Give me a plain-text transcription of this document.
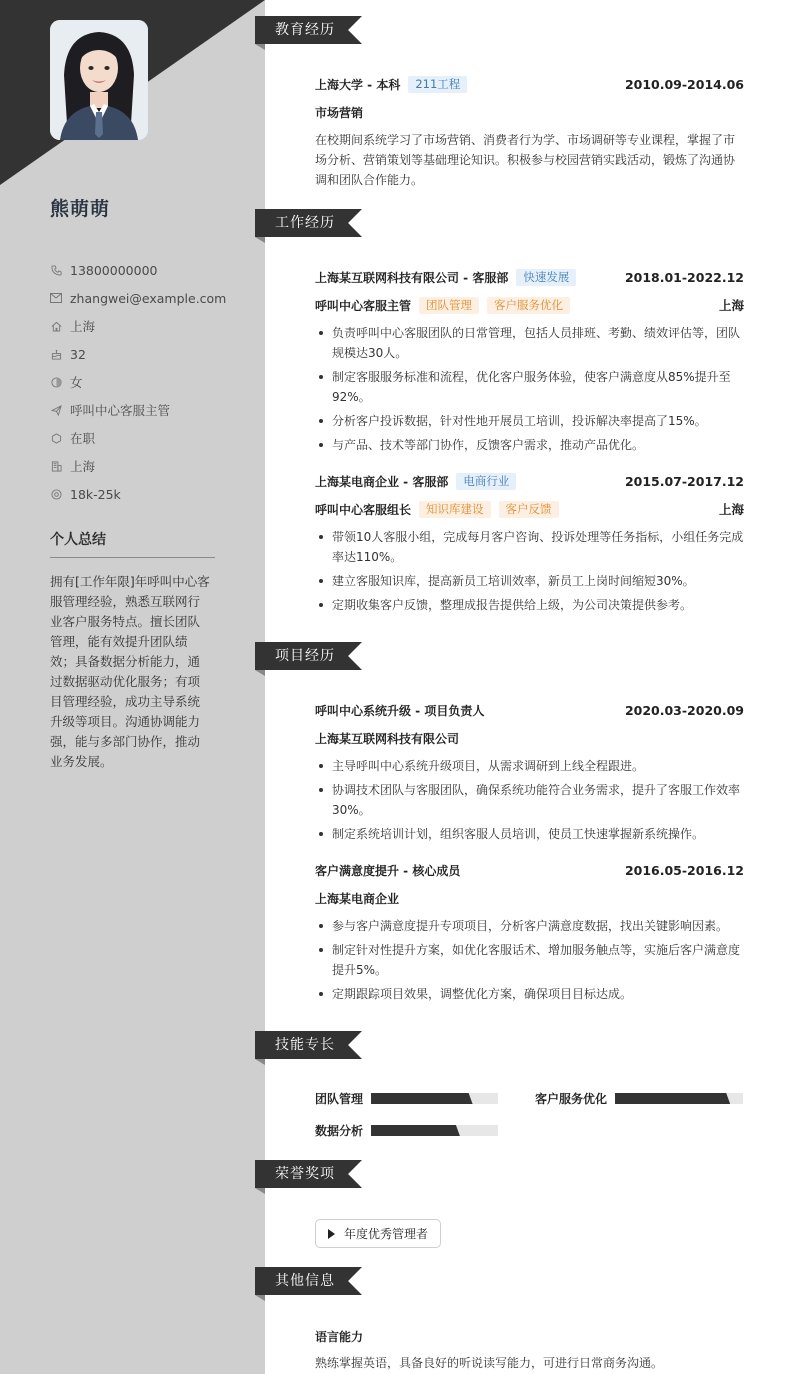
熊萌萌
13800000000
zhangwei@example.com
上海
32
女
呼叫中心客服主管
在职
上海
18k-25k
个人总结
拥有[工作年限]年呼叫中心客服管理经验，熟悉互联网行业客户服务特点。擅长团队管理，能有效提升团队绩效；具备数据分析能力，通过数据驱动优化服务；有项目管理经验，成功主导系统升级等项目。沟通协调能力强，能与多部门协作，推动业务发展。
教育经历
上海大学 - 本科	211工程	2010.09-2014.06
市场营销
在校期间系统学习了市场营销、消费者行为学、市场调研等专业课程，掌握了市场分析、营销策划等基础理论知识。积极参与校园营销实践活动，锻炼了沟通协调和团队合作能力。
工作经历
上海某互联网科技有限公司 - 客服部	快速发展	2018.01-2022.12
呼叫中心客服主管	团队管理	客户服务优化	上海
负责呼叫中心客服团队的日常管理，包括人员排班、考勤、绩效评估等，团队规模达30人。
制定客服服务标准和流程，优化客户服务体验，使客户满意度从85%提升至92%。
分析客户投诉数据，针对性地开展员工培训，投诉解决率提高了15%。
与产品、技术等部门协作，反馈客户需求，推动产品优化。
上海某电商企业 - 客服部	电商行业	2015.07-2017.12
呼叫中心客服组长	知识库建设	客户反馈	上海
带领10人客服小组，完成每月客户咨询、投诉处理等任务指标，小组任务完成率达110%。
建立客服知识库，提高新员工培训效率，新员工上岗时间缩短30%。
定期收集客户反馈，整理成报告提供给上级，为公司决策提供参考。
项目经历
呼叫中心系统升级 - 项目负责人	2020.03-2020.09
上海某互联网科技有限公司
主导呼叫中心系统升级项目，从需求调研到上线全程跟进。
协调技术团队与客服团队，确保系统功能符合业务需求，提升了客服工作效率30%。
制定系统培训计划，组织客服人员培训，使员工快速掌握新系统操作。
客户满意度提升 - 核心成员	2016.05-2016.12
上海某电商企业
参与客户满意度提升专项项目，分析客户满意度数据，找出关键影响因素。
制定针对性提升方案，如优化客服话术、增加服务触点等，实施后客户满意度提升5%。
定期跟踪项目效果，调整优化方案，确保项目目标达成。
技能专长
团队管理	客户服务优化
数据分析
荣誉奖项
年度优秀管理者
其他信息
语言能力
熟练掌握英语，具备良好的听说读写能力，可进行日常商务沟通。
